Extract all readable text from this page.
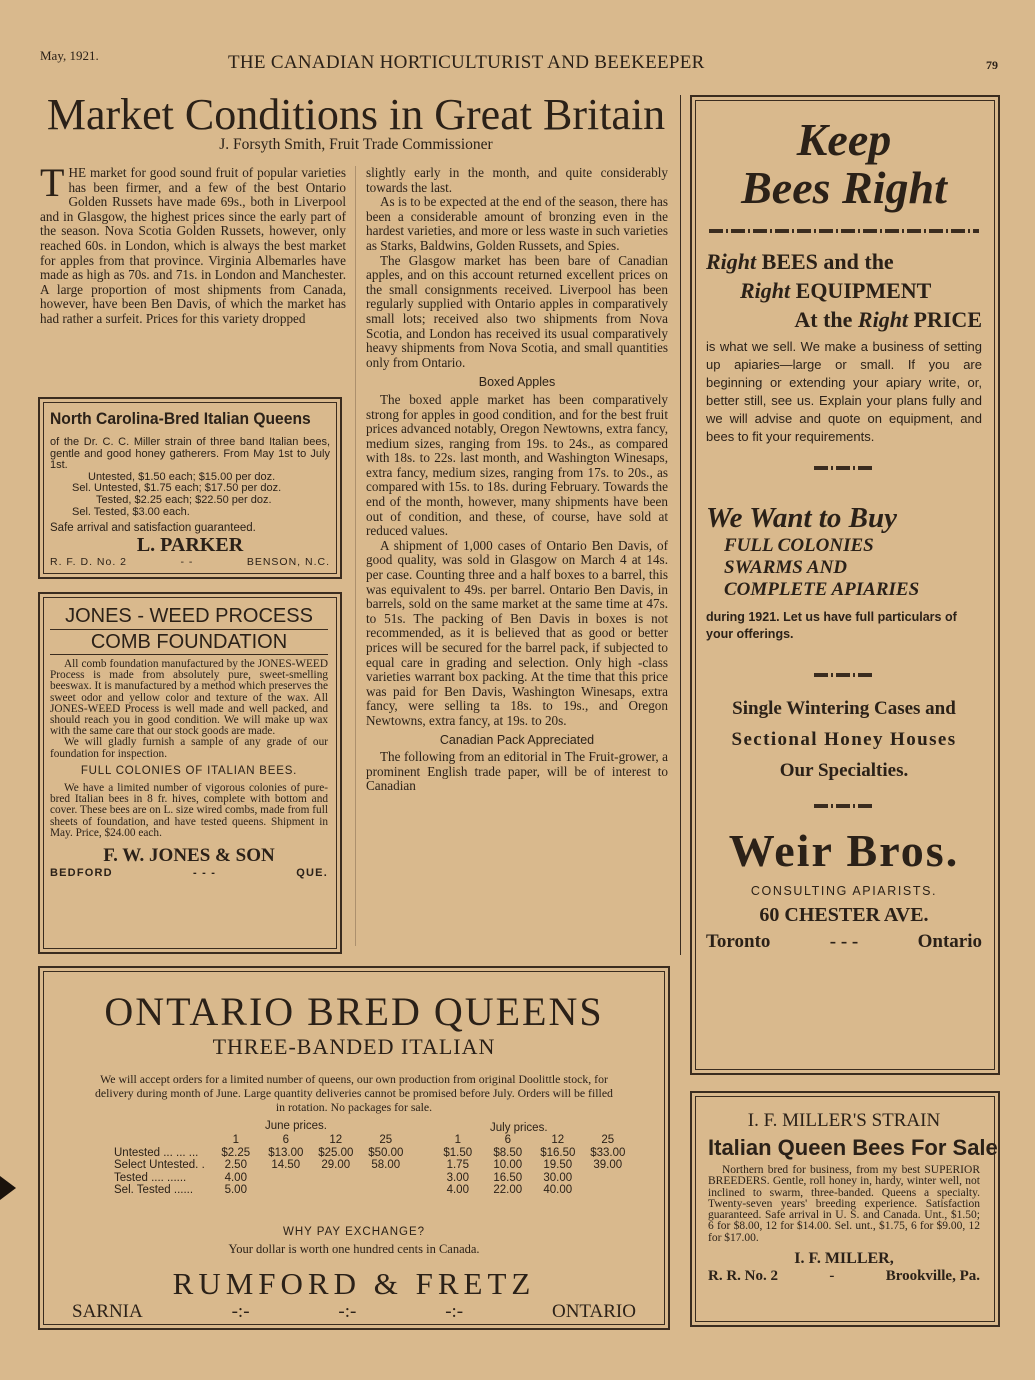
May, 1921.	THE CANADIAN HORTICULTURIST AND BEEKEEPER	79
Market Conditions in Great Britain
J. Forsyth Smith, Fruit Trade Commissioner
T HE market for good sound fruit of popular varieties has been firmer, and a few of the best Ontario Golden Russets have made 69s., both in Liverpool and in Glasgow, the highest prices since the early part of the season. Nova Scotia Golden Russets, however, only reached 60s. in London, which is always the best market for apples from that province. Virginia Albemarles have made as high as 70s. and 71s. in London and Manchester. A large proportion of most shipments from Canada, however, have been Ben Davis, of which the market has had rather a surfeit. Prices for this variety dropped

slightly early in the month, and quite considerably towards the last.

As is to be expected at the end of the season, there has been a considerable amount of bronzing even in the hardest varieties, and more or less waste in such varieties as Starks, Baldwins, Golden Russets, and Spies.

The Glasgow market has been bare of Canadian apples, and on this account returned excellent prices on the small consignments received. Liverpool has been regularly supplied with Ontario apples in comparatively small lots; received also two shipments from Nova Scotia, and London has received its usual comparatively heavy shipments from Nova Scotia, and small quantities only from Ontario.

Boxed Apples

The boxed apple market has been comparatively strong for apples in good condition, and for the best fruit prices advanced notably, Oregon Newtowns, extra fancy, medium sizes, ranging from 19s. to 24s., as compared with 18s. to 22s. last month, and Washington Winesaps, extra fancy, medium sizes, ranging from 17s. to 20s., as compared with 15s. to 18s. during February. Towards the end of the month, however, many shipments have been out of condition, and these, of course, have sold at reduced values.

A shipment of 1,000 cases of Ontario Ben Davis, of good quality, was sold in Glasgow on March 4 at 14s. per case. Counting three and a half boxes to a barrel, this was equivalent to 49s. per barrel. Ontario Ben Davis, in barrels, sold on the same market at the same time at 47s. to 51s. The packing of Ben Davis in boxes is not recommended, as it is believed that as good or better prices will be secured for the barrel pack, if subjected to equal care in grading and selection. Only high -class varieties warrant box packing. At the time that this price was paid for Ben Davis, Washington Winesaps, extra fancy, were selling ta 18s. to 19s., and Oregon Newtowns, extra fancy, at 19s. to 20s.

Canadian Pack Appreciated

The following from an editorial in The Fruit-grower, a prominent English trade paper, will be of interest to Canadian

North Carolina-Bred Italian Queens
of the Dr. C. C. Miller strain of three band Italian bees, gentle and good honey gatherers. From May 1st to July 1st.
Untested, $1.50 each; $15.00 per doz.
Sel. Untested, $1.75 each; $17.50 per doz.
Tested, $2.25 each; $22.50 per doz.
Sel. Tested, $3.00 each.
Safe arrival and satisfaction guaranteed.
L. PARKER
R. F. D. No. 2	- -	BENSON, N.C.
JONES - WEED PROCESS
COMB FOUNDATION

All comb foundation manufactured by the JONES-WEED Process is made from absolutely pure, sweet-smelling beeswax. It is manufactured by a method which preserves the sweet odor and yellow color and texture of the wax. All JONES-WEED Process is well made and well packed, and should reach you in good condition. We will make up wax with the same care that our stock goods are made.

We will gladly furnish a sample of any grade of our foundation for inspection.

FULL COLONIES OF ITALIAN BEES.

We have a limited number of vigorous colonies of pure-bred Italian bees in 8 fr. hives, complete with bottom and cover. These bees are on L. size wired combs, made from full sheets of foundation, and have tested queens. Shipment in May. Price, $24.00 each.

F. W. JONES & SON
BEDFORD	- - -	QUE.
Keep
Bees Right
Right BEES and the
Right EQUIPMENT
At the Right PRICE
is what we sell. We make a business of setting up apiaries—large or small. If you are beginning or extending your apiary write, or, better still, see us. Explain your plans fully and we will advise and quote on equipment, and bees to fit your requirements.
We Want to Buy
FULL COLONIES
SWARMS AND
COMPLETE APIARIES
during 1921. Let us have full particulars of your offerings.
Single Wintering Cases and
Sectional Honey Houses
Our Specialties.
Weir Bros.
CONSULTING APIARISTS.
60 CHESTER AVE.
Toronto	- - -	Ontario
ONTARIO BRED QUEENS
THREE-BANDED ITALIAN
We will accept orders for a limited number of queens, our own production from original Doolittle stock, for delivery during month of June. Large quantity deliveries cannot be promised before July. Orders will be filled in rotation. No packages for sale.
June prices.	July prices.
	1	6	12	25		1	6	12	25
Untested ... ... ...	$2.25	$13.00	$25.00	$50.00		$1.50	$8.50	$16.50	$33.00
Select Untested. .	2.50	14.50	29.00	58.00		1.75	10.00	19.50	39.00
Tested .... ......	4.00					3.00	16.50	30.00	
Sel. Tested ......	5.00					4.00	22.00	40.00	
WHY PAY EXCHANGE?
Your dollar is worth one hundred cents in Canada.
RUMFORD & FRETZ
SARNIA	-:-	-:-	-:-	ONTARIO
I. F. MILLER'S STRAIN
Italian Queen Bees For Sale
Northern bred for business, from my best SUPERIOR BREEDERS. Gentle, roll honey in, hardy, winter well, not inclined to swarm, three-banded. Queens a specialty. Twenty-seven years' breeding experience. Satisfaction guaranteed. Safe arrival in U. S. and Canada. Unt., $1.50; 6 for $8.00, 12 for $14.00. Sel. unt., $1.75, 6 for $9.00, 12 for $17.00.
I. F. MILLER,
R. R. No. 2	-	Brookville, Pa.
